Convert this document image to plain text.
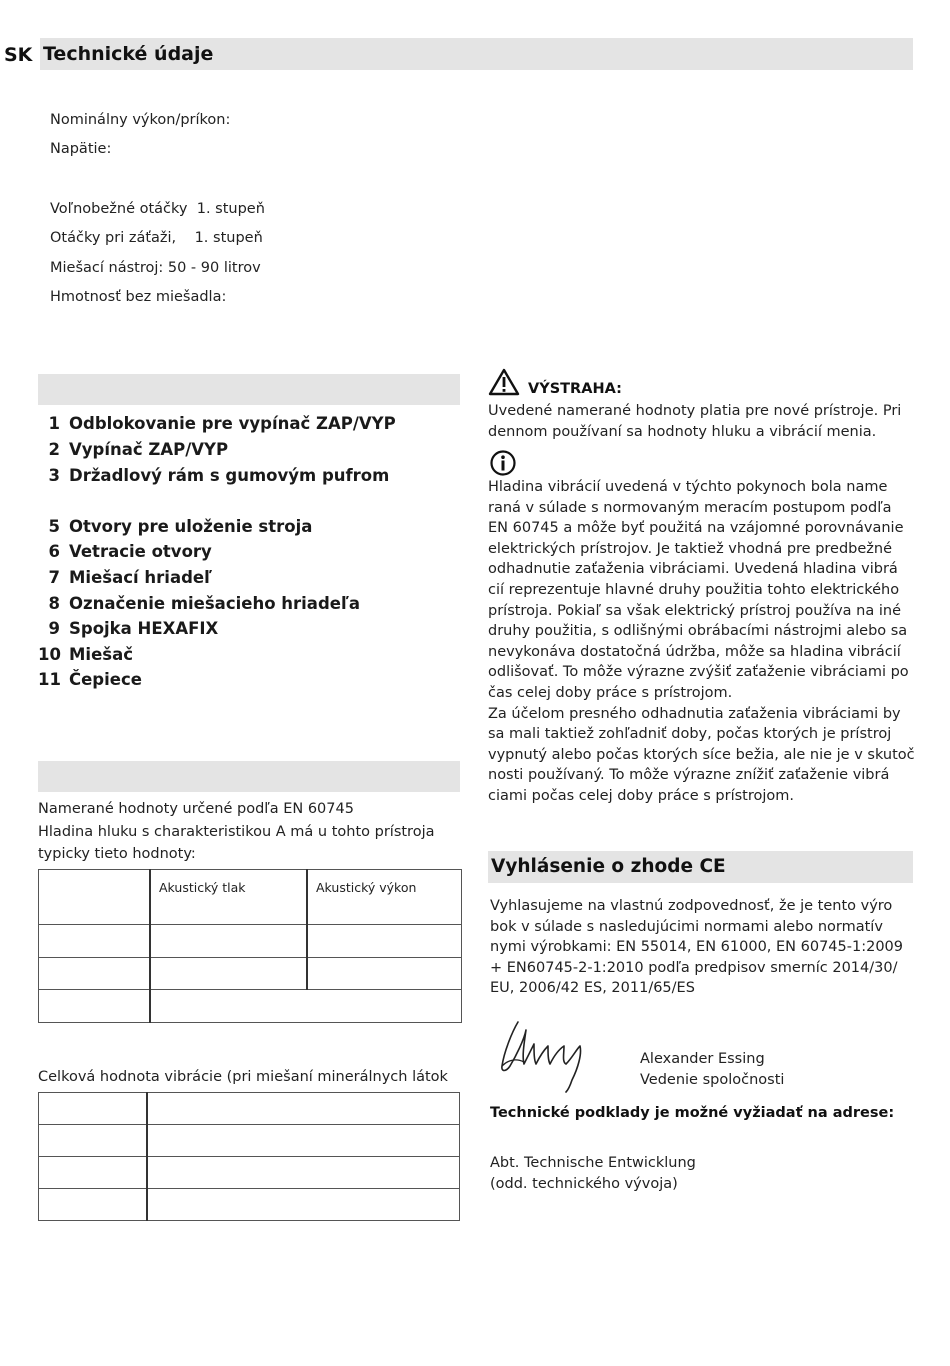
SK Technické údaje
Nominálny výkon/príkon:
Napätie:
Voľnobežné otáčky  1. stupeň
Otáčky pri záťaži,    1. stupeň
Miešací nástroj: 50 - 90 litrov
Hmotnosť bez miešadla:
1 Odblokovanie pre vypínač ZAP/VYP
2 Vypínač ZAP/VYP
3 Držadlový rám s gumovým pufrom
5 Otvory pre uloženie stroja
6 Vetracie otvory
7 Miešací hriadeľ
8 Označenie miešacieho hriadeľa
9 Spojka HEXAFIX
10 Miešač
11 Čepiece
Namerané hodnoty určené podľa EN 60745
Hladina hluku s charakteristikou A má u tohto prístroja
typicky tieto hodnoty:
	Akustický tlak	Akustický výkon

Celková hodnota vibrácie (pri miešaní minerálnych látok

VÝSTRAHA:
Uvedené namerané hodnoty platia pre nové prístroje. Pri
dennom používaní sa hodnoty hluku a vibrácií menia.
Hladina vibrácií uvedená v týchto pokynoch bola name
raná v súlade s normovaným meracím postupom podľa
EN 60745 a môže byť použitá na vzájomné porovnávanie
elektrických prístrojov. Je taktiež vhodná pre predbežné
odhadnutie zaťaženia vibráciami. Uvedená hladina vibrá
cií reprezentuje hlavné druhy použitia tohto elektrického
prístroja. Pokiaľ sa však elektrický prístroj používa na iné
druhy použitia, s odlišnými obrábacími nástrojmi alebo sa
nevykonáva dostatočná údržba, môže sa hladina vibrácií
odlišovať. To môže výrazne zvýšiť zaťaženie vibráciami po
čas celej doby práce s prístrojom.
Za účelom presného odhadnutia zaťaženia vibráciami by
sa mali taktiež zohľadniť doby, počas ktorých je prístroj
vypnutý alebo počas ktorých síce bežia, ale nie je v skutoč
nosti používaný. To môže výrazne znížiť zaťaženie vibrá
ciami počas celej doby práce s prístrojom.
Vyhlásenie o zhode CE
Vyhlasujeme na vlastnú zodpovednosť, že je tento výro
bok v súlade s nasledujúcimi normami alebo normatív
nymi výrobkami: EN 55014, EN 61000, EN 60745-1:2009
+ EN60745-2-1:2010 podľa predpisov smerníc 2014/30/
EU, 2006/42 ES, 2011/65/ES
Alexander Essing
Vedenie spoločnosti
Technické podklady je možné vyžiadať na adrese:
Abt. Technische Entwicklung
(odd. technického vývoja)
